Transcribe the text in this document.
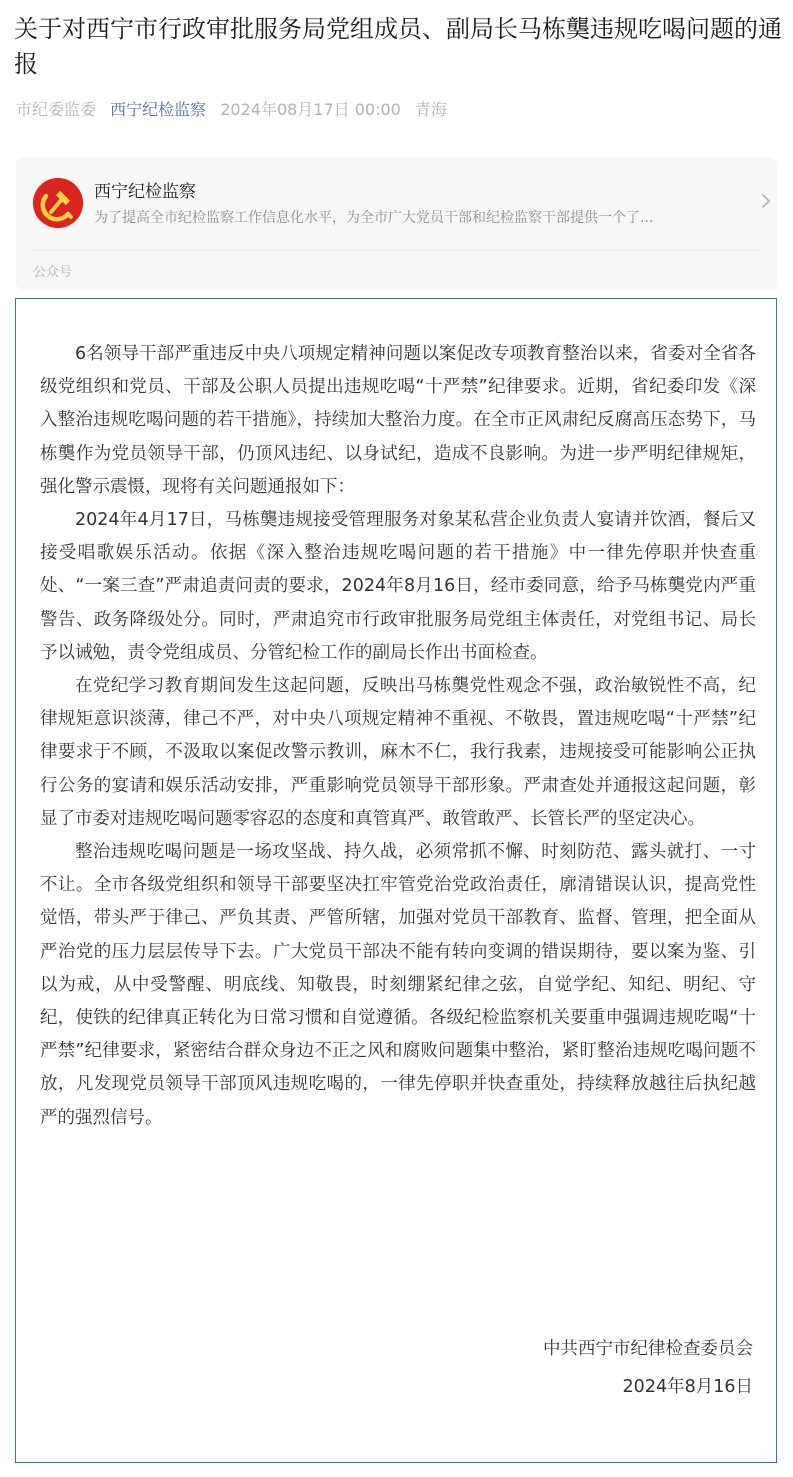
关于对西宁市行政审批服务局党组成员、副局长马栋龑违规吃喝问题的通报
市纪委监委 西宁纪检监察 2024年08月17日 00:00 青海
西宁纪检监察
为了提高全市纪检监察工作信息化水平，为全市广大党员干部和纪检监察干部提供一个了...
公众号

6名领导干部严重违反中央八项规定精神问题以案促改专项教育整治以来，省委对全省各级党组织和党员、干部及公职人员提出违规吃喝“十严禁”纪律要求。近期，省纪委印发《深入整治违规吃喝问题的若干措施》，持续加大整治力度。在全市正风肃纪反腐高压态势下，马栋龑作为党员领导干部，仍顶风违纪、以身试纪，造成不良影响。为进一步严明纪律规矩，强化警示震慑，现将有关问题通报如下：

2024年4月17日，马栋龑违规接受管理服务对象某私营企业负责人宴请并饮酒，餐后又接受唱歌娱乐活动。依据《深入整治违规吃喝问题的若干措施》中一律先停职并快查重处、“一案三查”严肃追责问责的要求，2024年8月16日，经市委同意，给予马栋龑党内严重警告、政务降级处分。同时，严肃追究市行政审批服务局党组主体责任，对党组书记、局长予以诫勉，责令党组成员、分管纪检工作的副局长作出书面检查。

在党纪学习教育期间发生这起问题，反映出马栋龑党性观念不强，政治敏锐性不高，纪律规矩意识淡薄，律己不严，对中央八项规定精神不重视、不敬畏，置违规吃喝“十严禁”纪律要求于不顾，不汲取以案促改警示教训，麻木不仁，我行我素，违规接受可能影响公正执行公务的宴请和娱乐活动安排，严重影响党员领导干部形象。严肃查处并通报这起问题，彰显了市委对违规吃喝问题零容忍的态度和真管真严、敢管敢严、长管长严的坚定决心。

整治违规吃喝问题是一场攻坚战、持久战，必须常抓不懈、时刻防范、露头就打、一寸不让。全市各级党组织和领导干部要坚决扛牢管党治党政治责任，廓清错误认识，提高党性觉悟，带头严于律己、严负其责、严管所辖，加强对党员干部教育、监督、管理，把全面从严治党的压力层层传导下去。广大党员干部决不能有转向变调的错误期待，要以案为鉴、引以为戒，从中受警醒、明底线、知敬畏，时刻绷紧纪律之弦，自觉学纪、知纪、明纪、守纪，使铁的纪律真正转化为日常习惯和自觉遵循。各级纪检监察机关要重申强调违规吃喝“十严禁”纪律要求，紧密结合群众身边不正之风和腐败问题集中整治，紧盯整治违规吃喝问题不放，凡发现党员领导干部顶风违规吃喝的，一律先停职并快查重处，持续释放越往后执纪越严的强烈信号。

中共西宁市纪律检查委员会
2024年8月16日
